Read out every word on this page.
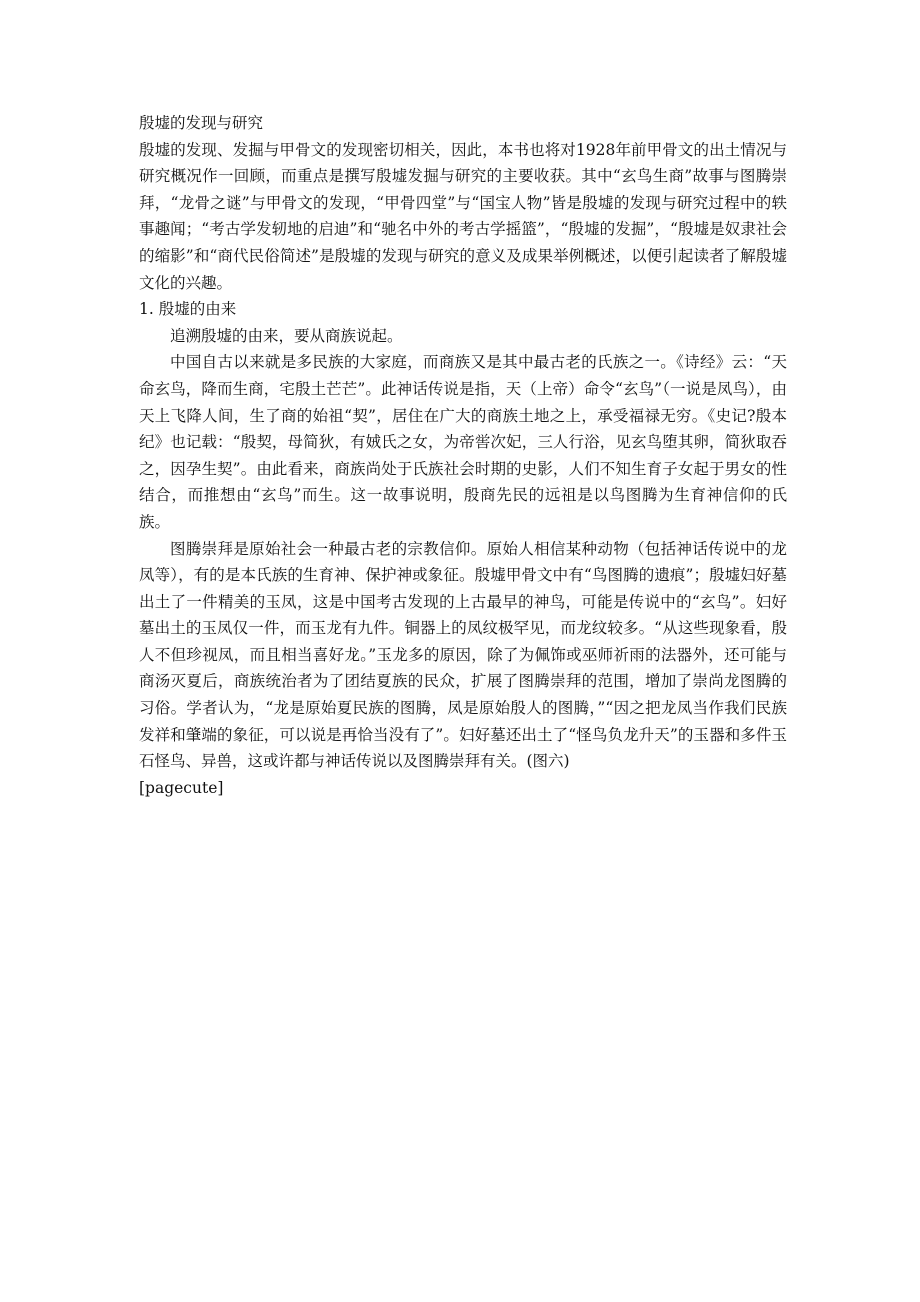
殷墟的发现与研究

殷墟的发现、发掘与甲骨文的发现密切相关，因此，本书也将对1928年前甲骨文的出土情况与研究概况作一回顾，而重点是撰写殷墟发掘与研究的主要收获。其中“玄鸟生商”故事与图腾崇拜，“龙骨之谜”与甲骨文的发现，“甲骨四堂”与“国宝人物”皆是殷墟的发现与研究过程中的轶事趣闻；“考古学发轫地的启迪”和“驰名中外的考古学摇篮”，“殷墟的发掘”，“殷墟是奴隶社会的缩影”和“商代民俗简述”是殷墟的发现与研究的意义及成果举例概述，以便引起读者了解殷墟文化的兴趣。

1. 殷墟的由来

追溯殷墟的由来，要从商族说起。

中国自古以来就是多民族的大家庭，而商族又是其中最古老的氏族之一。《诗经》云：“天命玄鸟，降而生商，宅殷土芒芒”。此神话传说是指，天（上帝）命令“玄鸟”（一说是凤鸟），由天上飞降人间，生了商的始祖“契”，居住在广大的商族土地之上，承受福禄无穷。《史记?殷本纪》也记载：“殷契，母简狄，有娀氏之女，为帝喾次妃，三人行浴，见玄鸟堕其卵，简狄取吞之，因孕生契”。由此看来，商族尚处于氏族社会时期的史影，人们不知生育子女起于男女的性结合，而推想由“玄鸟”而生。这一故事说明，殷商先民的远祖是以鸟图腾为生育神信仰的氏族。

图腾崇拜是原始社会一种最古老的宗教信仰。原始人相信某种动物（包括神话传说中的龙凤等），有的是本氏族的生育神、保护神或象征。殷墟甲骨文中有“鸟图腾的遗痕”；殷墟妇好墓出土了一件精美的玉凤，这是中国考古发现的上古最早的神鸟，可能是传说中的“玄鸟”。妇好墓出土的玉凤仅一件，而玉龙有九件。铜器上的凤纹极罕见，而龙纹较多。“从这些现象看，殷人不但珍视凤，而且相当喜好龙。”玉龙多的原因，除了为佩饰或巫师祈雨的法器外，还可能与商汤灭夏后，商族统治者为了团结夏族的民众，扩展了图腾崇拜的范围，增加了崇尚龙图腾的习俗。学者认为，“龙是原始夏民族的图腾，凤是原始殷人的图腾，”“因之把龙凤当作我们民族发祥和肇端的象征，可以说是再恰当没有了”。妇好墓还出土了“怪鸟负龙升天”的玉器和多件玉石怪鸟、异兽，这或许都与神话传说以及图腾崇拜有关。(图六)

[pagecute]
